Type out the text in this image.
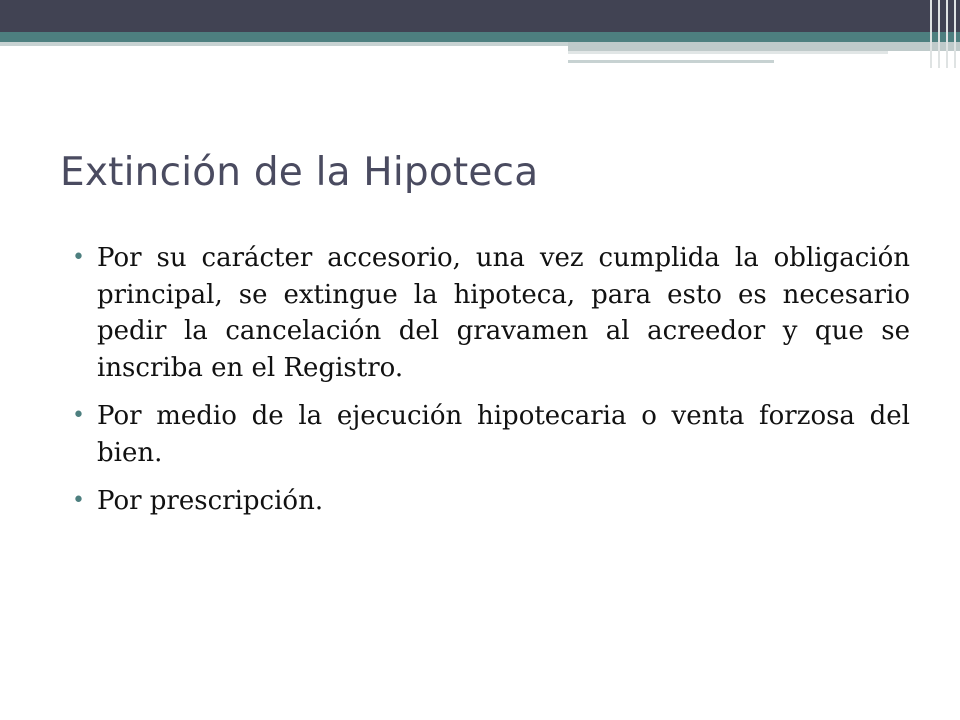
Extinción de la Hipoteca
• Por su carácter accesorio, una vez cumplida la obligación principal, se extingue la hipoteca, para esto es necesario pedir la cancelación del gravamen al acreedor y que se inscriba en el Registro.
• Por medio de la ejecución hipotecaria o venta forzosa del bien.
• Por prescripción.
